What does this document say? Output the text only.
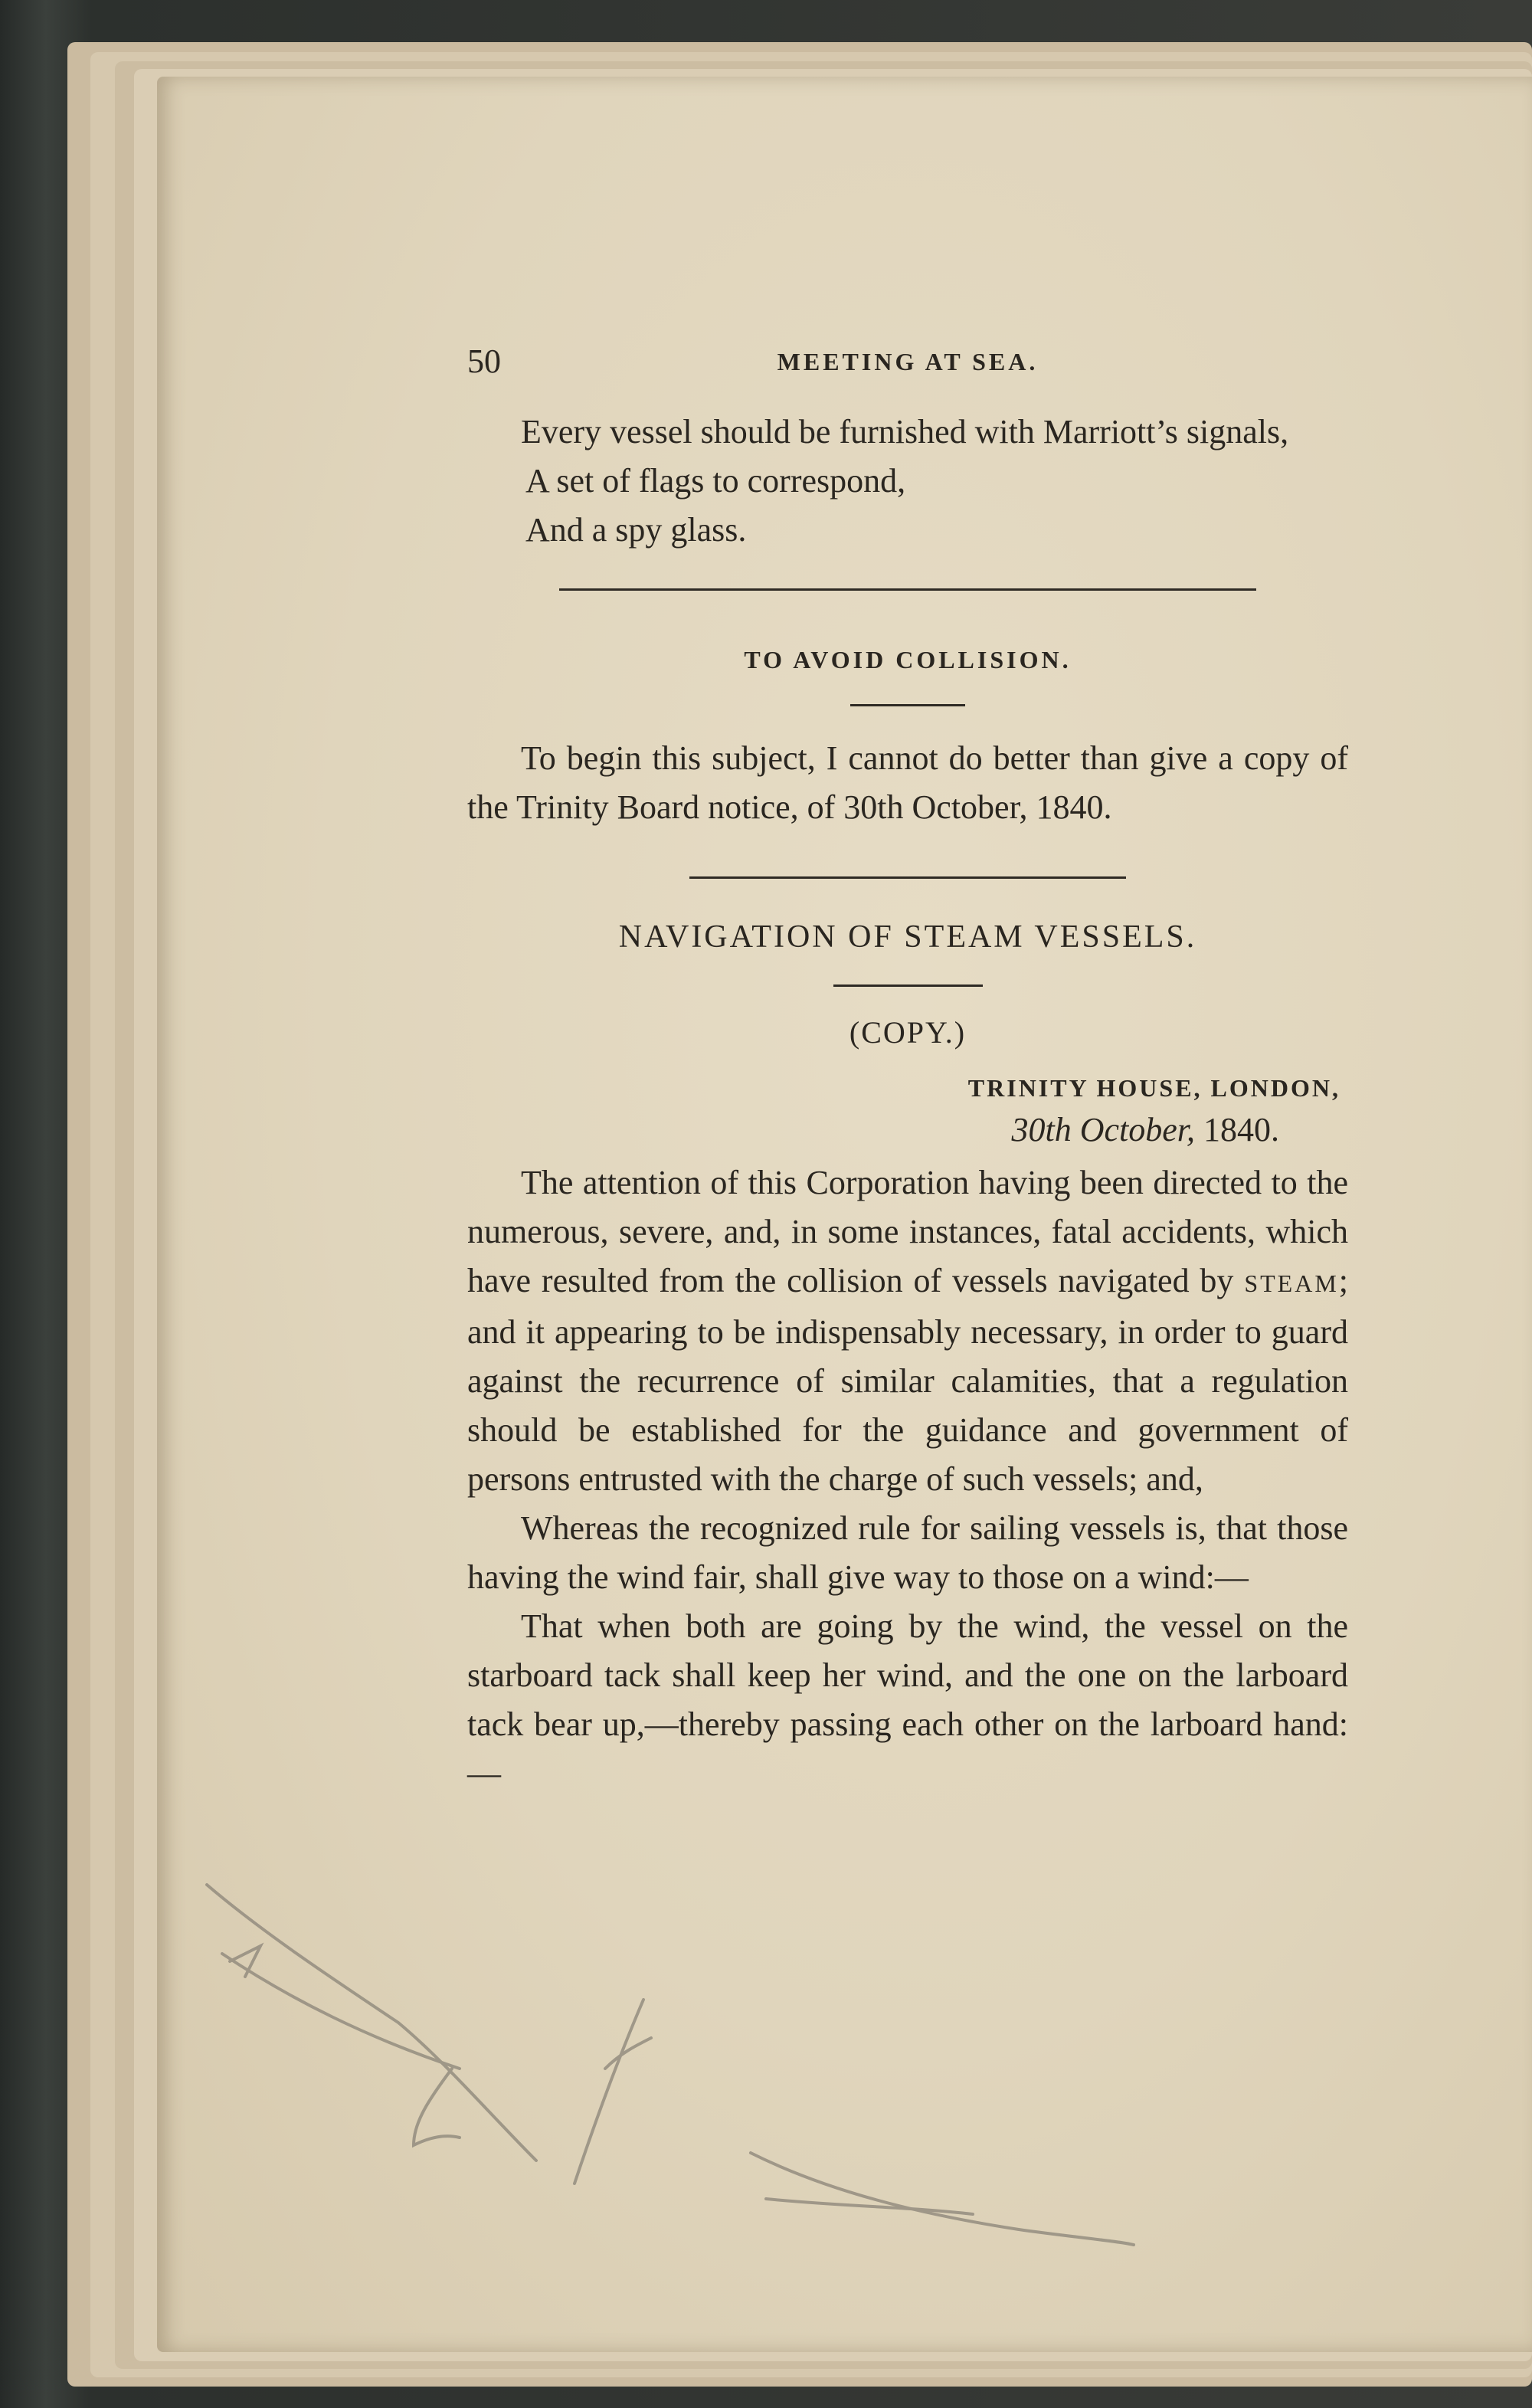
50	MEETING AT SEA.

Every vessel should be furnished with Marriott’s signals,

A set of flags to correspond,

And a spy glass.

TO AVOID COLLISION.

To begin this subject, I cannot do better than give a copy of the Trinity Board notice, of 30th October, 1840.

NAVIGATION OF STEAM VESSELS.

(COPY.)

TRINITY HOUSE, LONDON,

30th October, 1840.

The attention of this Corporation having been directed to the numerous, severe, and, in some instances, fatal accidents, which have resulted from the collision of vessels navigated by STEAM; and it appearing to be indispensably necessary, in order to guard against the recurrence of similar calamities, that a regulation should be established for the guidance and government of persons entrusted with the charge of such vessels; and,

Whereas the recognized rule for sailing vessels is, that those having the wind fair, shall give way to those on a wind:—

That when both are going by the wind, the vessel on the starboard tack shall keep her wind, and the one on the larboard tack bear up,—thereby passing each other on the larboard hand:—
